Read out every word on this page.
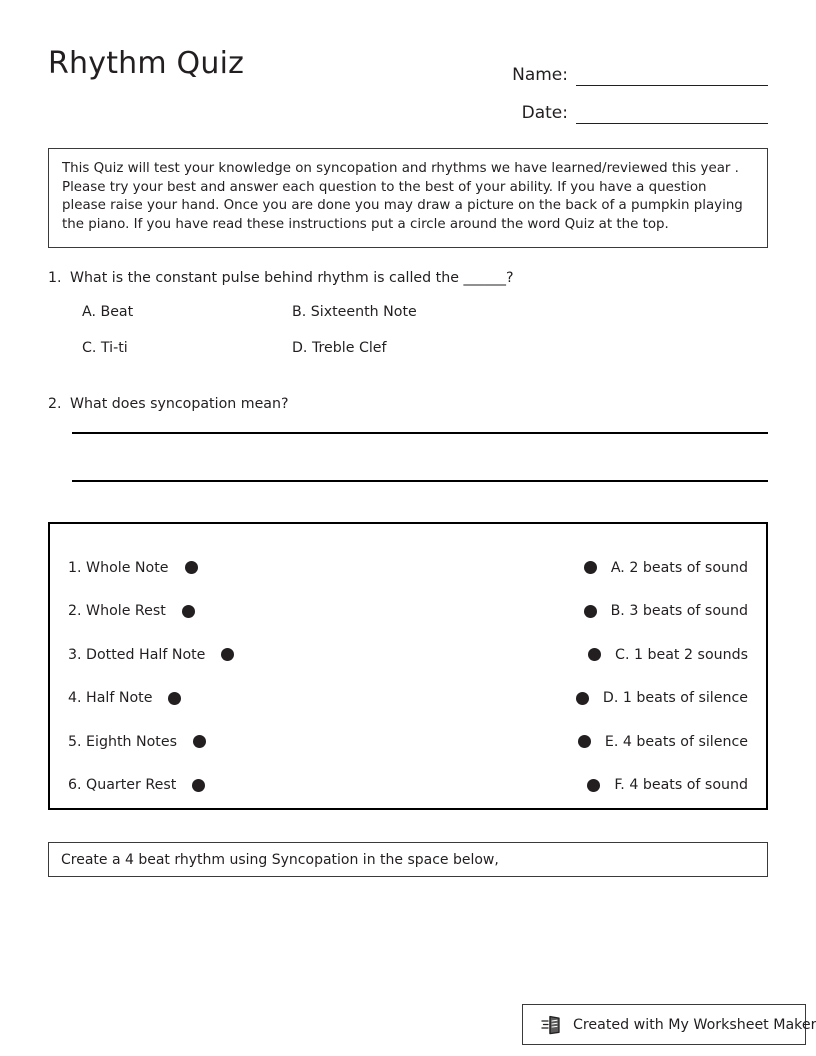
Rhythm Quiz	Name:
Date:

This Quiz will test your knowledge on syncopation and rhythms we have learned/reviewed this year . Please try your best and answer each question to the best of your ability. If you have a question please raise your hand. Once you are done you may draw a picture on the back of a pumpkin playing the piano. If you have read these instructions put a circle around the word Quiz at the top.

1. What is the constant pulse behind rhythm is called the ______?
A. Beat	B. Sixteenth Note
C. Ti-ti	D. Treble Clef
2. What does syncopation mean?
1. Whole Note	A. 2 beats of sound
2. Whole Rest	B. 3 beats of sound
3. Dotted Half Note	C. 1 beat 2 sounds
4. Half Note	D. 1 beats of silence
5. Eighth Notes	E. 4 beats of silence
6. Quarter Rest	F. 4 beats of sound
Create a 4 beat rhythm using Syncopation in the space below,
Created with My Worksheet Maker
